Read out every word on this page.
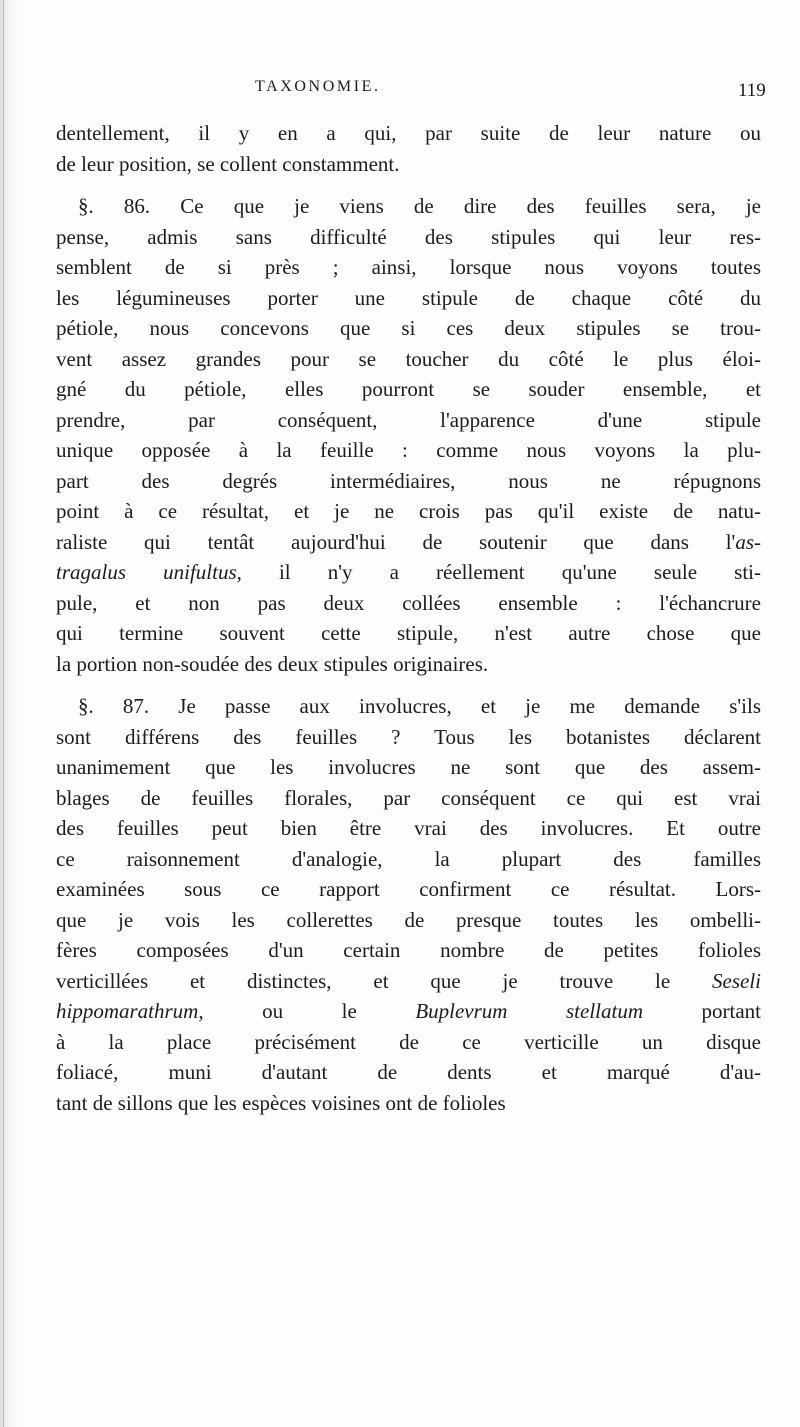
TAXONOMIE.	119
dentellement, il y en a qui, par suite de leur nature ou
de leur position, se collent constamment.
§. 86. Ce que je viens de dire des feuilles sera, je
pense, admis sans difficulté des stipules qui leur res-
semblent de si près ; ainsi, lorsque nous voyons toutes
les légumineuses porter une stipule de chaque côté du
pétiole, nous concevons que si ces deux stipules se trou-
vent assez grandes pour se toucher du côté le plus éloi-
gné du pétiole, elles pourront se souder ensemble, et
prendre, par conséquent, l'apparence d'une stipule
unique opposée à la feuille : comme nous voyons la plu-
part des degrés intermédiaires, nous ne répugnons
point à ce résultat, et je ne crois pas qu'il existe de natu-
raliste qui tentât aujourd'hui de soutenir que dans l'as-
tragalus unifultus, il n'y a réellement qu'une seule sti-
pule, et non pas deux collées ensemble : l'échancrure
qui termine souvent cette stipule, n'est autre chose que
la portion non-soudée des deux stipules originaires.
§. 87. Je passe aux involucres, et je me demande s'ils
sont différens des feuilles ? Tous les botanistes déclarent
unanimement que les involucres ne sont que des assem-
blages de feuilles florales, par conséquent ce qui est vrai
des feuilles peut bien être vrai des involucres. Et outre
ce raisonnement d'analogie, la plupart des familles
examinées sous ce rapport confirment ce résultat. Lors-
que je vois les collerettes de presque toutes les ombelli-
fères composées d'un certain nombre de petites folioles
verticillées et distinctes, et que je trouve le Seseli
hippomarathrum, ou le Buplevrum stellatum portant
à la place précisément de ce verticille un disque
foliacé, muni d'autant de dents et marqué d'au-
tant de sillons que les espèces voisines ont de folioles
